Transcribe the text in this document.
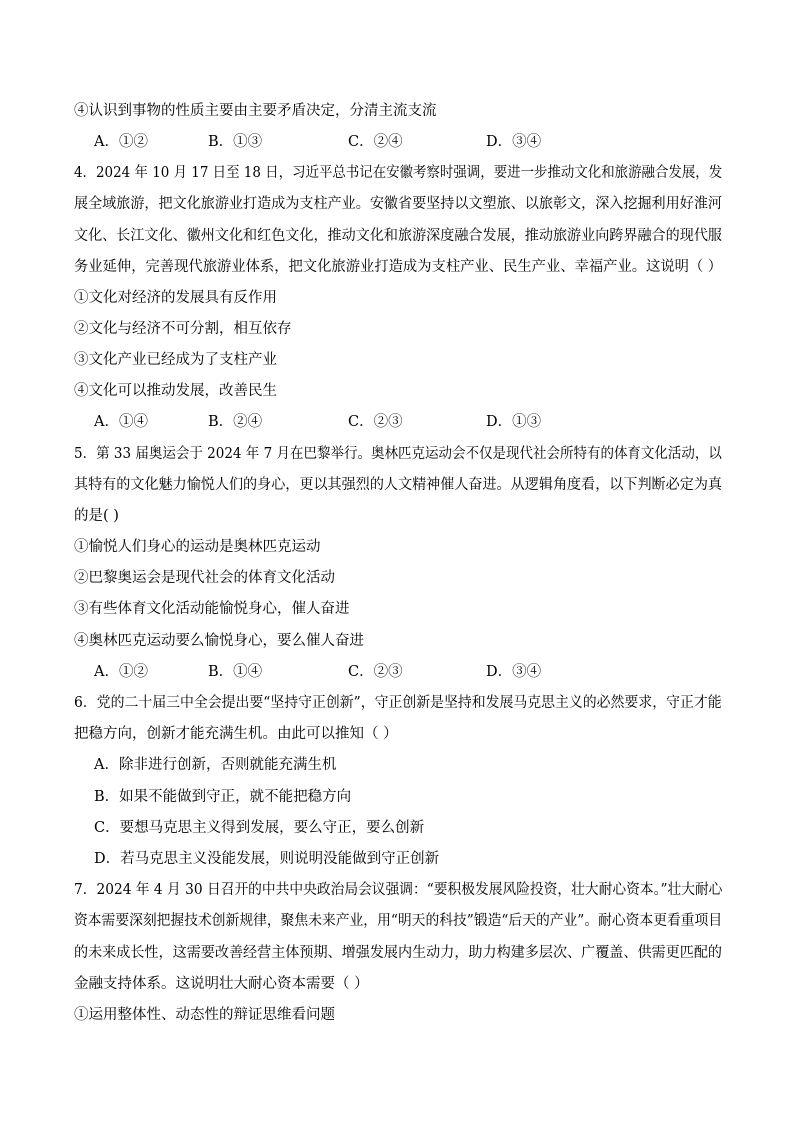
④认识到事物的性质主要由主要矛盾决定，分清主流支流
A．①②	B．①③	C．②④	D．③④
4．2024 年 10 月 17 日至 18 日，习近平总书记在安徽考察时强调，要进一步推动文化和旅游融合发展，发
展全域旅游，把文化旅游业打造成为支柱产业。安徽省要坚持以文塑旅、以旅彰文，深入挖掘利用好淮河
文化、长江文化、徽州文化和红色文化，推动文化和旅游深度融合发展，推动旅游业向跨界融合的现代服
务业延伸，完善现代旅游业体系，把文化旅游业打造成为支柱产业、民生产业、幸福产业。这说明（ ）
①文化对经济的发展具有反作用
②文化与经济不可分割，相互依存
③文化产业已经成为了支柱产业
④文化可以推动发展，改善民生
A．①④	B．②④	C．②③	D．①③
5．第 33 届奥运会于 2024 年 7 月在巴黎举行。奥林匹克运动会不仅是现代社会所特有的体育文化活动，以
其特有的文化魅力愉悦人们的身心，更以其强烈的人文精神催人奋进。从逻辑角度看，以下判断必定为真
的是( )
①愉悦人们身心的运动是奥林匹克运动
②巴黎奥运会是现代社会的体育文化活动
③有些体育文化活动能愉悦身心，催人奋进
④奥林匹克运动要么愉悦身心，要么催人奋进
A．①②	B．①④	C．②③	D．③④
6．党的二十届三中全会提出要“坚持守正创新”，守正创新是坚持和发展马克思主义的必然要求，守正才能
把稳方向，创新才能充满生机。由此可以推知（ ）
A．除非进行创新，否则就能充满生机
B．如果不能做到守正，就不能把稳方向
C．要想马克思主义得到发展，要么守正，要么创新
D．若马克思主义没能发展，则说明没能做到守正创新
7．2024 年 4 月 30 日召开的中共中央政治局会议强调：“要积极发展风险投资，壮大耐心资本。”壮大耐心
资本需要深刻把握技术创新规律，聚焦未来产业，用“明天的科技”锻造“后天的产业”。耐心资本更看重项目
的未来成长性，这需要改善经营主体预期、增强发展内生动力，助力构建多层次、广覆盖、供需更匹配的
金融支持体系。这说明壮大耐心资本需要（ ）
①运用整体性、动态性的辩证思维看问题
